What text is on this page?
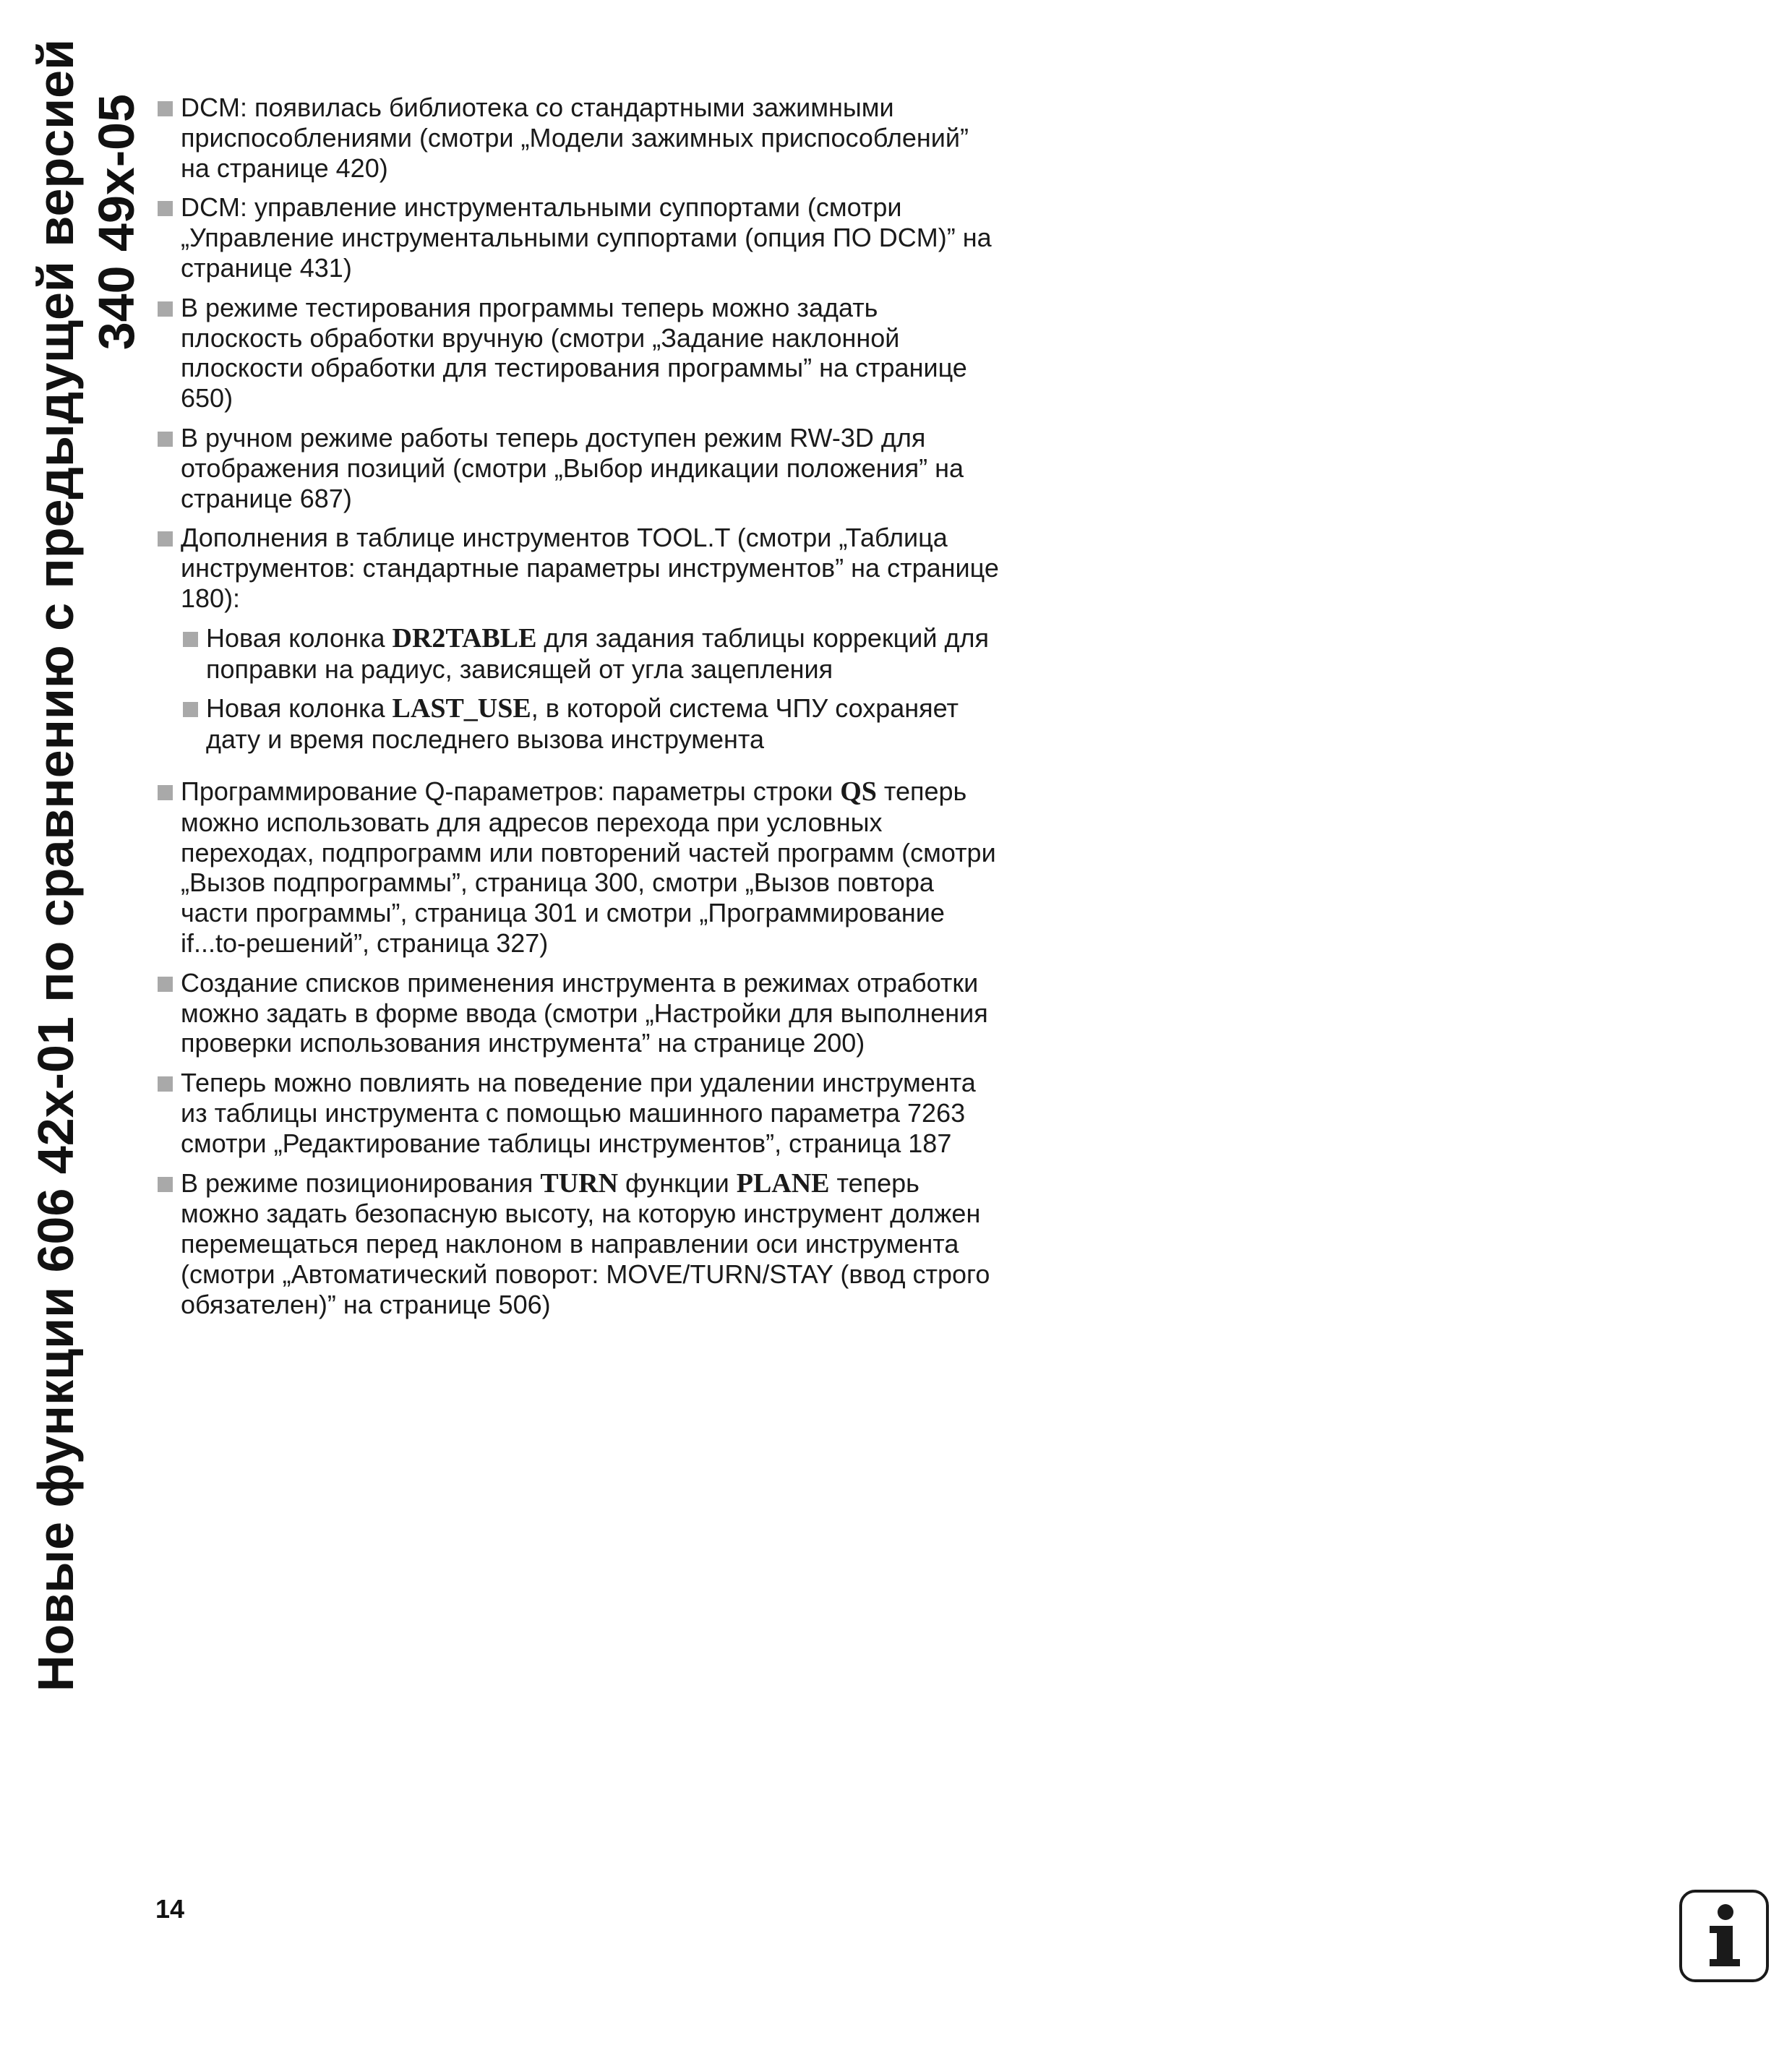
Новые функции 606 42x-01 по сравнению с предыдущей версией 340 49x-05	DCM: появилась библиотека со стандартными зажимными приспособлениями (смотри „Модели зажимных приспособлений” на странице 420)
DCM: управление инструментальными суппортами (смотри „Управление инструментальными суппортами (опция ПО DCM)” на странице 431)
В режиме тестирования программы теперь можно задать плоскость обработки вручную (смотри „Задание наклонной плоскости обработки для тестирования программы” на странице 650)
В ручном режиме работы теперь доступен режим RW-3D для отображения позиций (смотри „Выбор индикации положения” на странице 687)
Дополнения в таблице инструментов TOOL.T (смотри „Таблица инструментов: стандартные параметры инструментов” на странице 180):
Новая колонка DR2TABLE для задания таблицы коррекций для поправки на радиус, зависящей от угла зацепления
Новая колонка LAST_USE, в которой система ЧПУ сохраняет дату и время последнего вызова инструмента
Программирование Q-параметров: параметры строки QS теперь можно использовать для адресов перехода при условных переходах, подпрограмм или повторений частей программ (смотри „Вызов подпрограммы”, страница 300, смотри „Вызов повтора части программы”, страница 301 и смотри „Программирование if...to-решений”, страница 327)
Создание списков применения инструмента в режимах отработки можно задать в форме ввода (смотри „Настройки для выполнения проверки использования инструмента” на странице 200)
Теперь можно повлиять на поведение при удалении инструмента из таблицы инструмента с помощью машинного параметра 7263 смотри „Редактирование таблицы инструментов”, страница 187
В режиме позиционирования TURN функции PLANE теперь можно задать безопасную высоту, на которую инструмент должен перемещаться перед наклоном в направлении оси инструмента (смотри „Автоматический поворот: MOVE/TURN/STAY (ввод строго обязателен)” на странице 506)
14
